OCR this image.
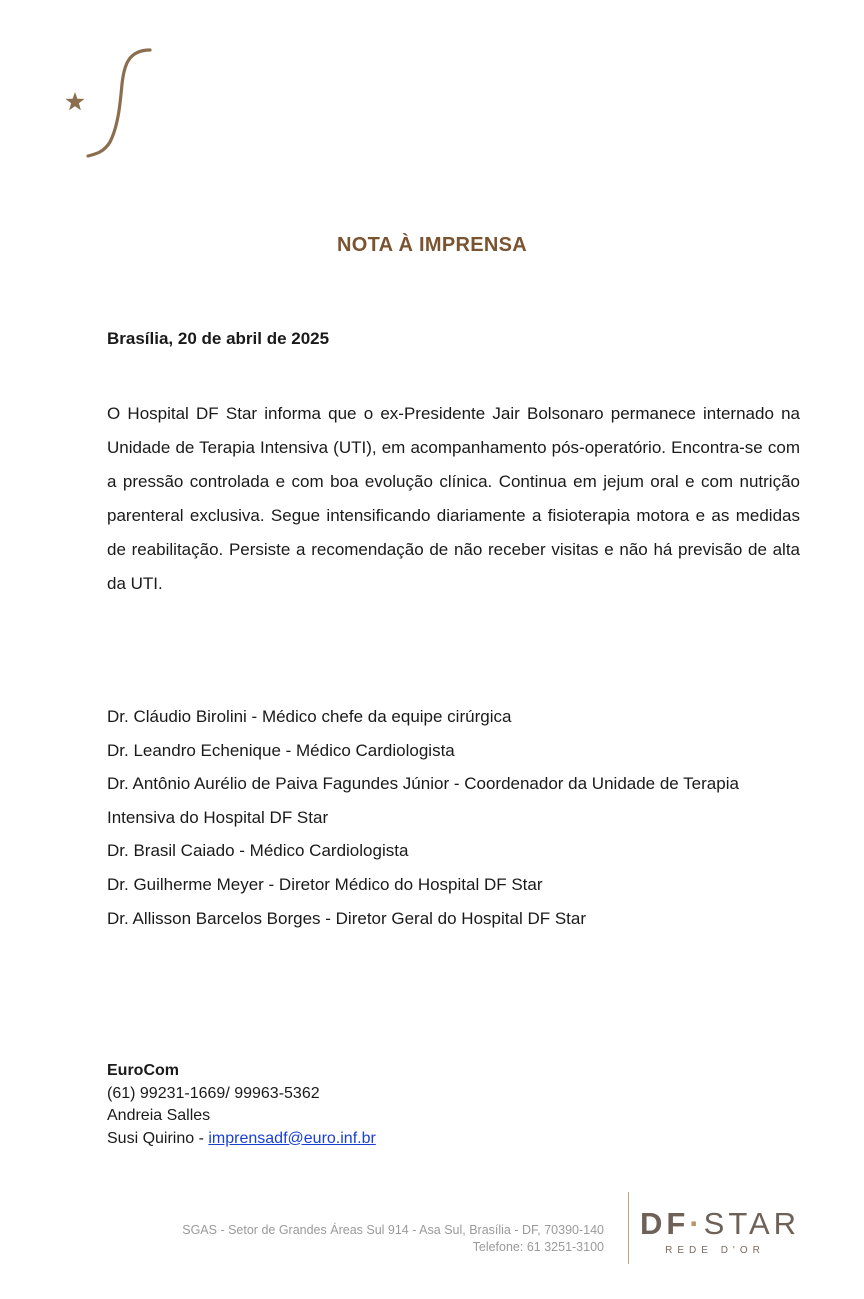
NOTA À IMPRENSA
Brasília, 20 de abril de 2025
O Hospital DF Star informa que o ex-Presidente Jair Bolsonaro permanece internado na Unidade de Terapia Intensiva (UTI), em acompanhamento pós-operatório. Encontra-se com a pressão controlada e com boa evolução clínica. Continua em jejum oral e com nutrição parenteral exclusiva. Segue intensificando diariamente a fisioterapia motora e as medidas de reabilitação. Persiste a recomendação de não receber visitas e não há previsão de alta da UTI.
Dr. Cláudio Birolini - Médico chefe da equipe cirúrgica
Dr. Leandro Echenique - Médico Cardiologista
Dr. Antônio Aurélio de Paiva Fagundes Júnior - Coordenador da Unidade de Terapia Intensiva do Hospital DF Star
Dr. Brasil Caiado - Médico Cardiologista
Dr. Guilherme Meyer - Diretor Médico do Hospital DF Star
Dr. Allisson Barcelos Borges - Diretor Geral do Hospital DF Star
EuroCom
(61) 99231-1669/ 99963-5362
Andreia Salles
Susi Quirino - imprensadf@euro.inf.br
SGAS - Setor de Grandes Áreas Sul 914 - Asa Sul, Brasília - DF, 70390-140
Telefone: 61 3251-3100
DF·STAR
REDE D'OR
